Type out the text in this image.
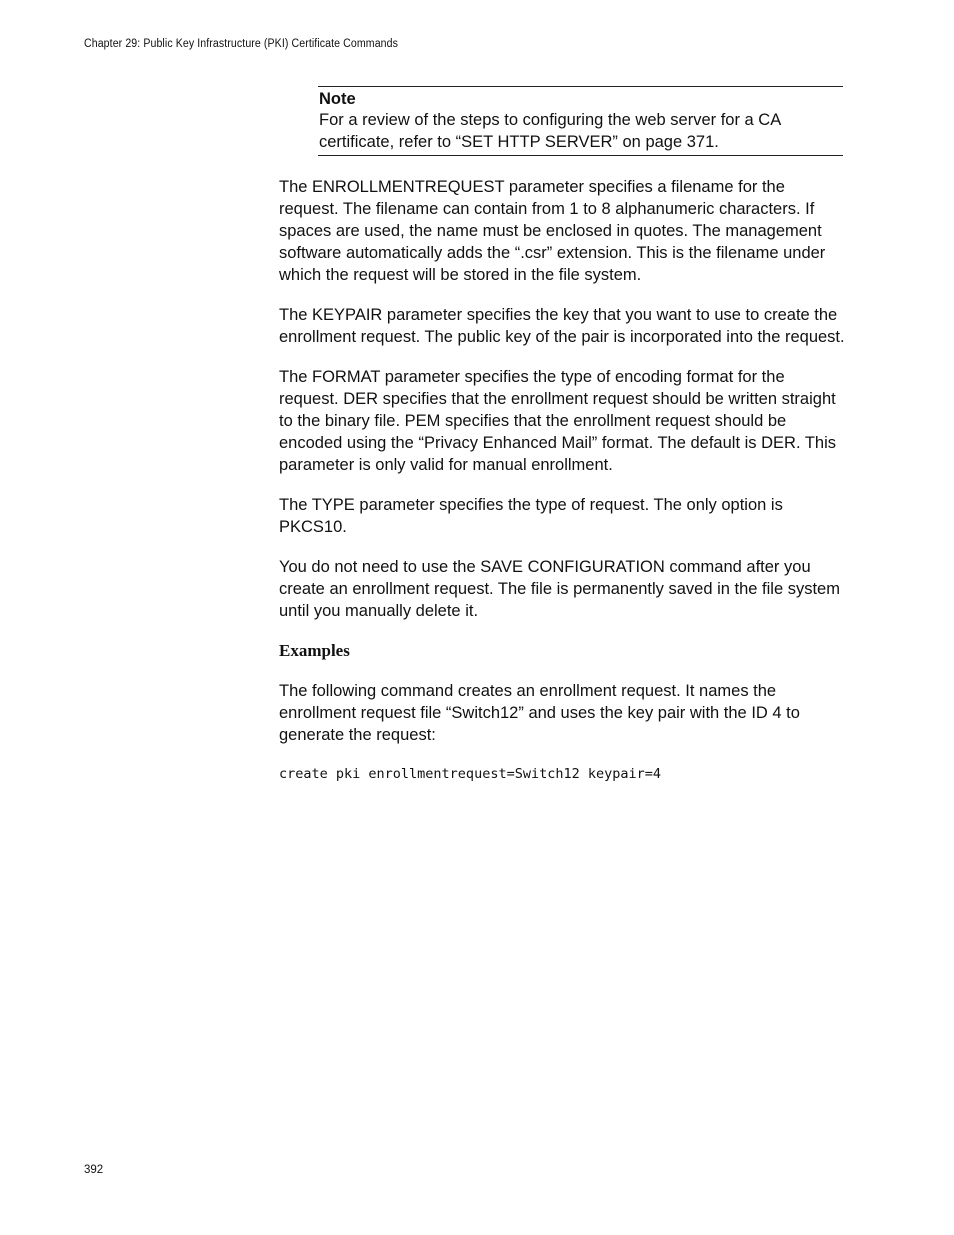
Chapter 29: Public Key Infrastructure (PKI) Certificate Commands
Note
For a review of the steps to configuring the web server for a CA certificate, refer to “SET HTTP SERVER” on page 371.

The ENROLLMENTREQUEST parameter specifies a filename for the request. The filename can contain from 1 to 8 alphanumeric characters. If spaces are used, the name must be enclosed in quotes. The management software automatically adds the “.csr” extension. This is the filename under which the request will be stored in the file system.

The KEYPAIR parameter specifies the key that you want to use to create the enrollment request. The public key of the pair is incorporated into the request.

The FORMAT parameter specifies the type of encoding format for the request. DER specifies that the enrollment request should be written straight to the binary file. PEM specifies that the enrollment request should be encoded using the “Privacy Enhanced Mail” format. The default is DER. This parameter is only valid for manual enrollment.

The TYPE parameter specifies the type of request. The only option is PKCS10.

You do not need to use the SAVE CONFIGURATION command after you create an enrollment request. The file is permanently saved in the file system until you manually delete it.

Examples

The following command creates an enrollment request. It names the enrollment request file “Switch12” and uses the key pair with the ID 4 to generate the request:

create pki enrollmentrequest=Switch12 keypair=4
392
